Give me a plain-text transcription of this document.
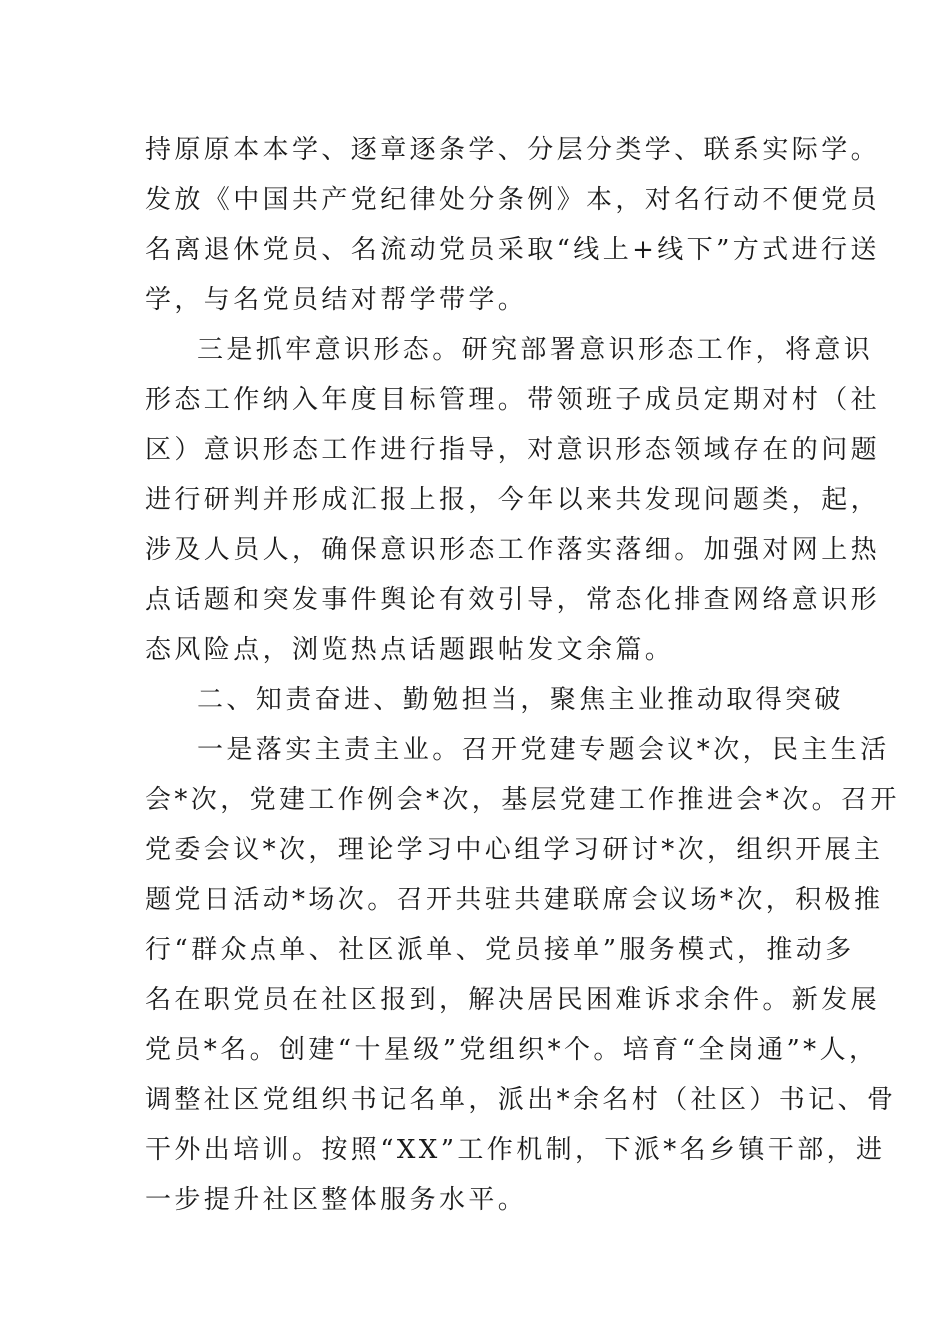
持原原本本学、逐章逐条学、分层分类学、联系实际学。
发放《中国共产党纪律处分条例》本，对名行动不便党员
名离退休党员、名流动党员采取“线上+线下”方式进行送
学，与名党员结对帮学带学。
三是抓牢意识形态。研究部署意识形态工作，将意识
形态工作纳入年度目标管理。带领班子成员定期对村（社
区）意识形态工作进行指导，对意识形态领域存在的问题
进行研判并形成汇报上报，今年以来共发现问题类，起，
涉及人员人，确保意识形态工作落实落细。加强对网上热
点话题和突发事件舆论有效引导，常态化排查网络意识形
态风险点，浏览热点话题跟帖发文余篇。
二、知责奋进、勤勉担当，聚焦主业推动取得突破
一是落实主责主业。召开党建专题会议*次，民主生活
会*次，党建工作例会*次，基层党建工作推进会*次。召开
党委会议*次，理论学习中心组学习研讨*次，组织开展主
题党日活动*场次。召开共驻共建联席会议场*次，积极推
行“群众点单、社区派单、党员接单”服务模式，推动多
名在职党员在社区报到，解决居民困难诉求余件。新发展
党员*名。创建“十星级”党组织*个。培育“全岗通”*人，
调整社区党组织书记名单，派出*余名村（社区）书记、骨
干外出培训。按照“XX”工作机制，下派*名乡镇干部，进
一步提升社区整体服务水平。
